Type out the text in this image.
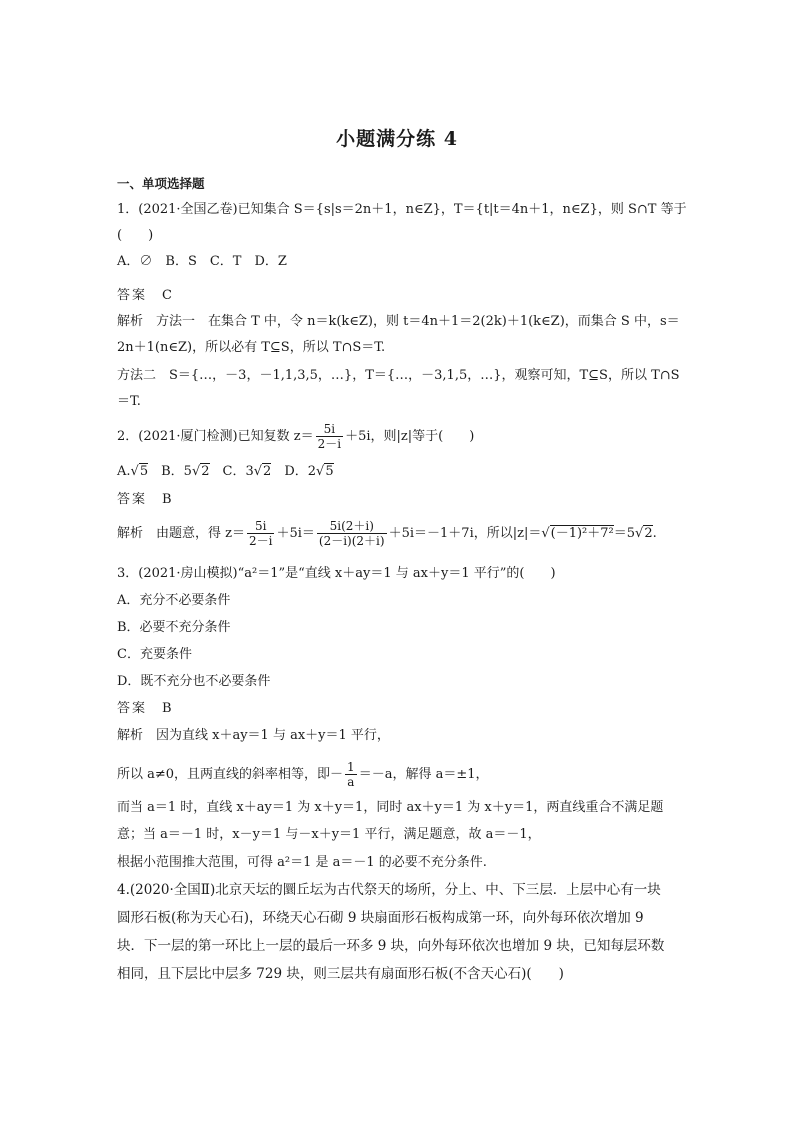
小题满分练 4
一、单项选择题
1．(2021·全国乙卷)已知集合 S＝{s|s＝2n＋1，n∈Z}，T＝{t|t＝4n＋1，n∈Z}，则 S∩T 等于
(　　)
A．∅　B．S　C．T　D．Z
答案　C
解析　方法一　在集合 T 中，令 n＝k(k∈Z)，则 t＝4n＋1＝2(2k)＋1(k∈Z)，而集合 S 中，s＝
2n＋1(n∈Z)，所以必有 T⊆S，所以 T∩S＝T.
方法二　S＝{…，－3，－1,1,3,5，…}，T＝{…，－3,1,5，…}，观察可知，T⊆S，所以 T∩S
＝T.
2．(2021·厦门检测)已知复数 $z= \frac{5i}{2-i} +5i$，则|z|等于(　　)
A.√5　B．5√2　C．3√2　D．2√5
答案　B
解析　由题意，得 $z= \frac{5i}{2-i} +5i= \frac{5i(2+i)}{(2-i)(2+i)} +5i=-1+7i$，所以|z|＝√(－1)²＋7²＝5√2.
3．(2021·房山模拟)“a²＝1”是“直线 x＋ay＝1 与 ax＋y＝1 平行”的(　　)
A．充分不必要条件
B．必要不充分条件
C．充要条件
D．既不充分也不必要条件
答案　B
解析　因为直线 x＋ay＝1 与 ax＋y＝1 平行，
所以 a≠0，且两直线的斜率相等，即－ $\frac{1}{a} =-a$，解得 a＝±1，
而当 a＝1 时，直线 x＋ay＝1 为 x＋y＝1，同时 ax＋y＝1 为 x＋y＝1，两直线重合不满足题
意；当 a＝－1 时，x－y＝1 与－x＋y＝1 平行，满足题意，故 a＝－1，
根据小范围推大范围，可得 a²＝1 是 a＝－1 的必要不充分条件.
4.(2020·全国Ⅱ)北京天坛的圜丘坛为古代祭天的场所，分上、中、下三层．上层中心有一块
圆形石板(称为天心石)，环绕天心石砌 9 块扇面形石板构成第一环，向外每环依次增加 9
块．下一层的第一环比上一层的最后一环多 9 块，向外每环依次也增加 9 块，已知每层环数
相同，且下层比中层多 729 块，则三层共有扇面形石板(不含天心石)(　　)
